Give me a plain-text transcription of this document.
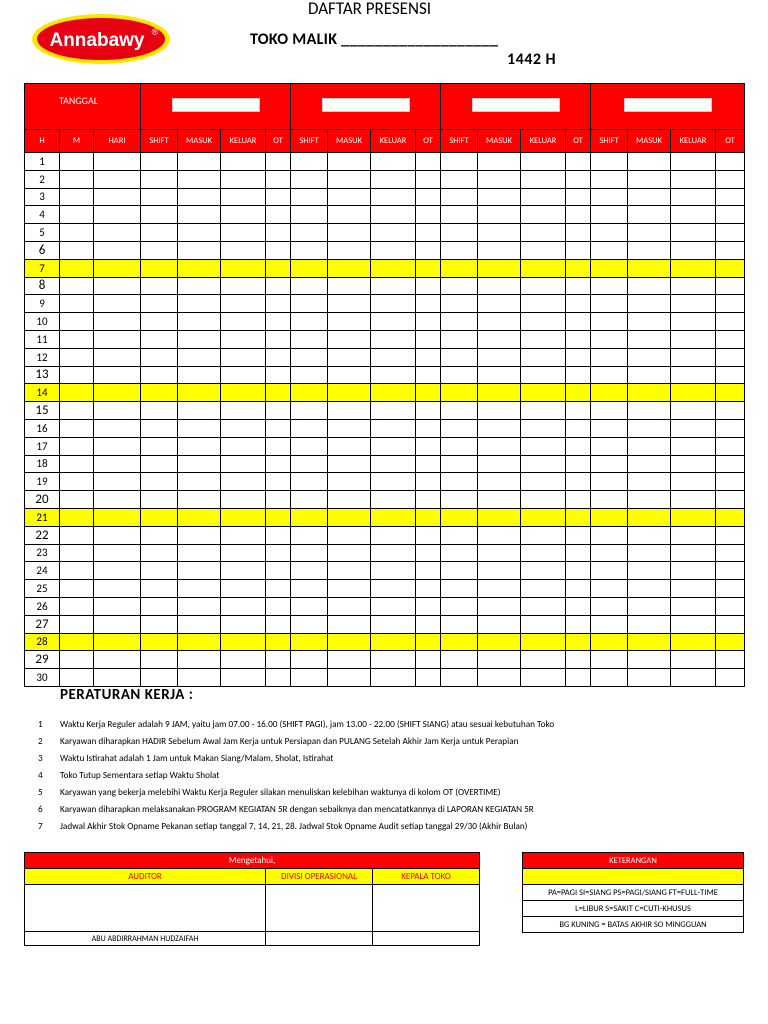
Annabawy ®
DAFTAR PRESENSI
TOKO MALIK ___________________
1442 H
TANGGAL																		
H	M	HARI	SHIFT	MASUK	KELUAR	OT	SHIFT	MASUK	KELUAR	OT	SHIFT	MASUK	KELUAR	OT	SHIFT	MASUK	KELUAR	OT
1																		
2																		
3																		
4																		
5																		
6																		
7																		
8																		
9																		
10																		
11																		
12																		
13																		
14																		
15																		
16																		
17																		
18																		
19																		
20																		
21																		
22																		
23																		
24																		
25																		
26																		
27																		
28																		
29																		
30																		
PERATURAN KERJA :
1 Waktu Kerja Reguler adalah 9 JAM, yaitu jam 07.00 - 16.00 (SHIFT PAGI), jam 13.00 - 22.00 (SHIFT SIANG) atau sesuai kebutuhan Toko
2 Karyawan diharapkan HADIR Sebelum Awal Jam Kerja untuk Persiapan dan PULANG Setelah Akhir Jam Kerja untuk Perapian
3 Waktu Istirahat adalah 1 Jam untuk Makan Siang/Malam, Sholat, Istirahat
4 Toko Tutup Sementara setiap Waktu Sholat
5 Karyawan yang bekerja melebihi Waktu Kerja Reguler silakan menuliskan kelebihan waktunya di kolom OT (OVERTIME)
6 Karyawan diharapkan melaksanakan PROGRAM KEGIATAN 5R dengan sebaiknya dan mencatatkannya di LAPORAN KEGIATAN 5R
7 Jadwal Akhir Stok Opname Pekanan setiap tanggal 7, 14, 21, 28. Jadwal Stok Opname Audit setiap tanggal 29/30 (Akhir Bulan)
Mengetahui,		
AUDITOR	DIVISI OPERASIONAL	KEPALA TOKO

ABU ABDIRRAHMAN HUDZAIFAH		
KETERANGAN

PA=PAGI SI=SIANG PS=PAGI/SIANG FT=FULL-TIME
L=LIBUR S=SAKIT C=CUTI-KHUSUS
BG KUNING = BATAS AKHIR SO MINGGUAN
